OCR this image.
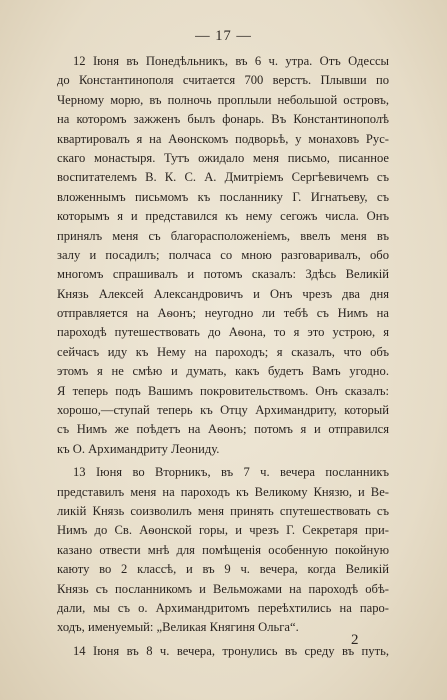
— 17 —
12 Іюня въ Понедѣльникъ, въ 6 ч. утра. Отъ Одессы
до Константинополя считается 700 верстъ. Плывши по
Черному морю, въ полночь проплыли небольшой островъ,
на которомъ зажженъ былъ фонарь. Въ Константинополѣ
квартировалъ я на Аѳонскомъ подворьѣ, у монаховъ Рус-
скаго монастыря. Тутъ ожидало меня письмо, писанное
воспитателемъ В. К. С. А. Дмитріемъ Сергѣевичемъ съ
вложеннымъ письмомъ къ посланнику Г. Игнатьеву, съ
которымъ я и представился къ нему сегожъ числа. Онъ
принялъ меня съ благорасположеніемъ, ввелъ меня въ
залу и посадилъ; полчаса со мною разговаривалъ, обо
многомъ спрашивалъ и потомъ сказалъ: Здѣсь Великій
Князь Алексей Александровичъ и Онъ чрезъ два дня
отправляется на Аѳонъ; неугодно ли тебѣ съ Нимъ на
пароходѣ путешествовать до Аѳона, то я это устрою, я
сейчасъ иду къ Нему на пароходъ; я сказалъ, что объ
этомъ я не смѣю и думать, какъ будетъ Вамъ угодно.
Я теперь подъ Вашимъ покровительствомъ. Онъ сказалъ:
хорошо,—ступай теперь къ Отцу Архимандриту, который
съ Нимъ же поѣдетъ на Аѳонъ; потомъ я и отправился
къ О. Архимандриту Леониду.
13 Іюня во Вторникъ, въ 7 ч. вечера посланникъ
представилъ меня на пароходъ къ Великому Князю, и Ве-
ликій Князь соизволилъ меня принять спутешествовать съ
Нимъ до Св. Аѳонской горы, и чрезъ Г. Секретаря при-
казано отвести мнѣ для помѣщенія особенную покойную
каюту во 2 классѣ, и въ 9 ч. вечера, когда Великій
Князь съ посланникомъ и Вельможами на пароходѣ обѣ-
дали, мы съ о. Архимандритомъ переѣхтились на паро-
ходъ, именуемый: „Великая Княгиня Ольга“.
14 Іюня въ 8 ч. вечера, тронулись въ среду въ путь,
2
